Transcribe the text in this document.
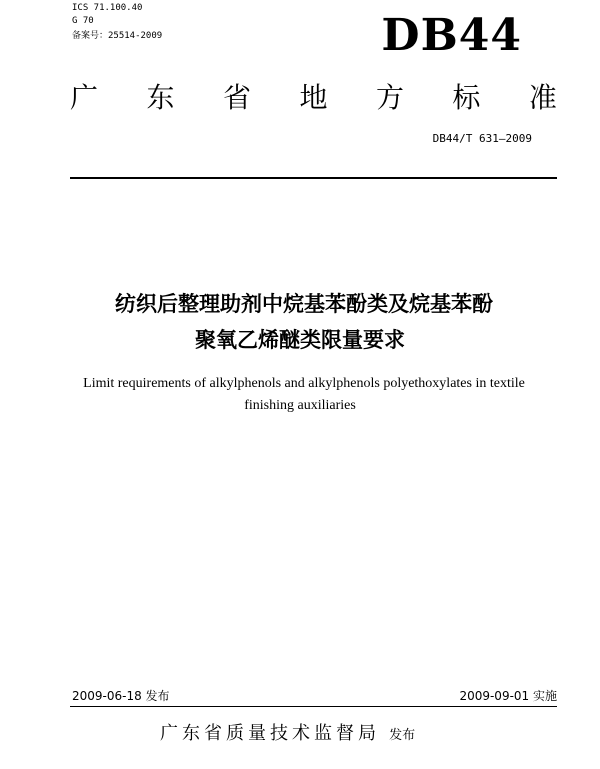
ICS 71.100.40
G 70
备案号：25514-2009	DB44
广 东 省 地 方 标 准
DB44/T 631—2009
纺织后整理助剂中烷基苯酚类及烷基苯酚
聚氧乙烯醚类限量要求
Limit requirements of alkylphenols and alkylphenols polyethoxylates in textile
finishing auxiliaries
2009-06-18 发布	2009-09-01 实施
广东省质量技术监督局 发布
